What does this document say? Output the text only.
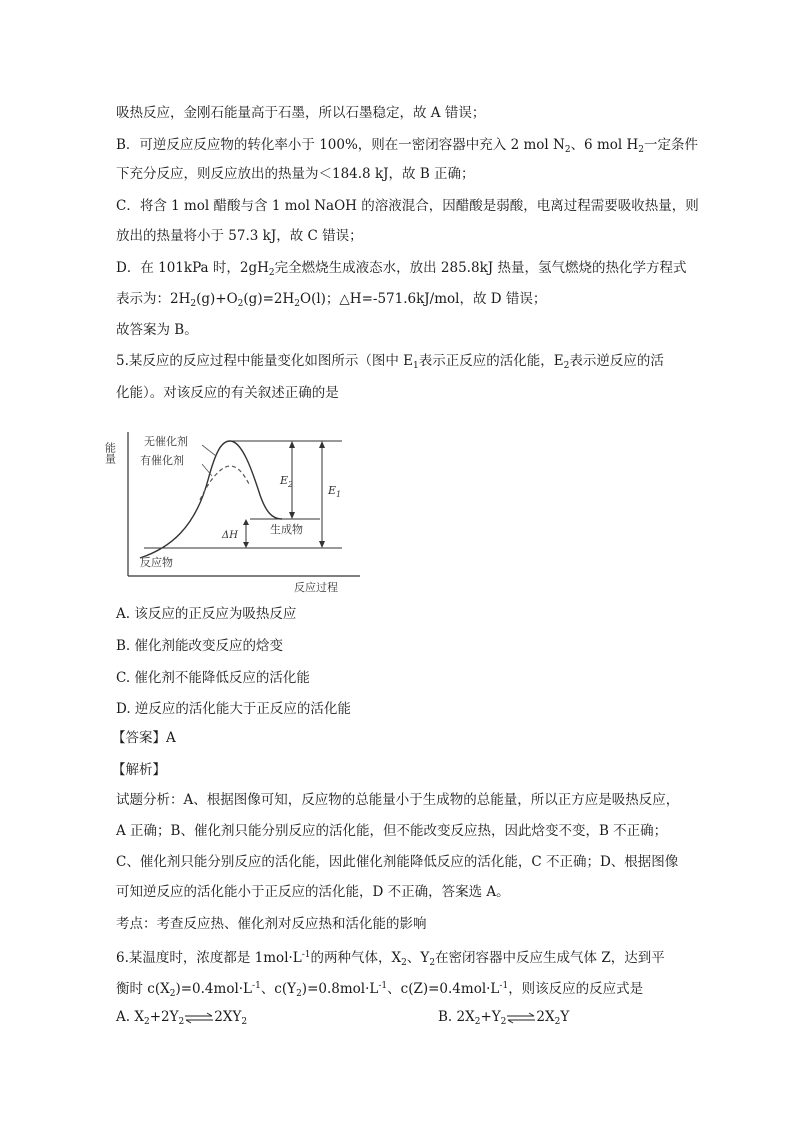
吸热反应，金刚石能量高于石墨，所以石墨稳定，故 A 错误；
B．可逆反应反应物的转化率小于 100%，则在一密闭容器中充入 2 mol $N_2$、6 mol $H_2$一定条件
下充分反应，则反应放出的热量为＜184.8 kJ，故 B 正确；
C．将含 1 mol 醋酸与含 1 mol NaOH 的溶液混合，因醋酸是弱酸，电离过程需要吸收热量，则
放出的热量将小于 57.3 kJ，故 C 错误；
D．在 101kPa 时，$2gH_2$完全燃烧生成液态水，放出 285.8kJ 热量，氢气燃烧的热化学方程式
表示为：$2H_2(g)+O_2(g)=2H_2O(l)$；△H=-571.6kJ/mol，故 D 错误；
故答案为 B。
5.某反应的反应过程中能量变化如图所示（图中 $E_1$表示正反应的活化能，$E_2$表示逆反应的活
化能）。对该反应的有关叙述正确的是
能量
反应过程
无催化剂
有催化剂
反应物
生成物
$E_2$	$E_1$
ΔH
A. 该反应的正反应为吸热反应
B. 催化剂能改变反应的焓变
C. 催化剂不能降低反应的活化能
D. 逆反应的活化能大于正反应的活化能
【答案】A
【解析】
试题分析：A、根据图像可知，反应物的总能量小于生成物的总能量，所以正方应是吸热反应，
A 正确；B、催化剂只能分别反应的活化能，但不能改变反应热，因此焓变不变，B 不正确；
C、催化剂只能分别反应的活化能，因此催化剂能降低反应的活化能，C 不正确；D、根据图像
可知逆反应的活化能小于正反应的活化能，D 不正确，答案选 A。
考点：考查反应热、催化剂对反应热和活化能的影响
6.某温度时，浓度都是 $1mol\cdot L^{-1}$的两种气体，$X_2$、$Y_2$在密闭容器中反应生成气体 Z，达到平
衡时 $c(X_2)=0.4mol\cdot L^{-1}$、$c(Y_2)=0.8mol\cdot L^{-1}$、$c(Z)=0.4mol\cdot L^{-1}$，则该反应的反应式是
A. $X_2+2Y_2\rightleftharpoons 2XY_2$	B. $2X_2+Y_2\rightleftharpoons 2X_2Y$
